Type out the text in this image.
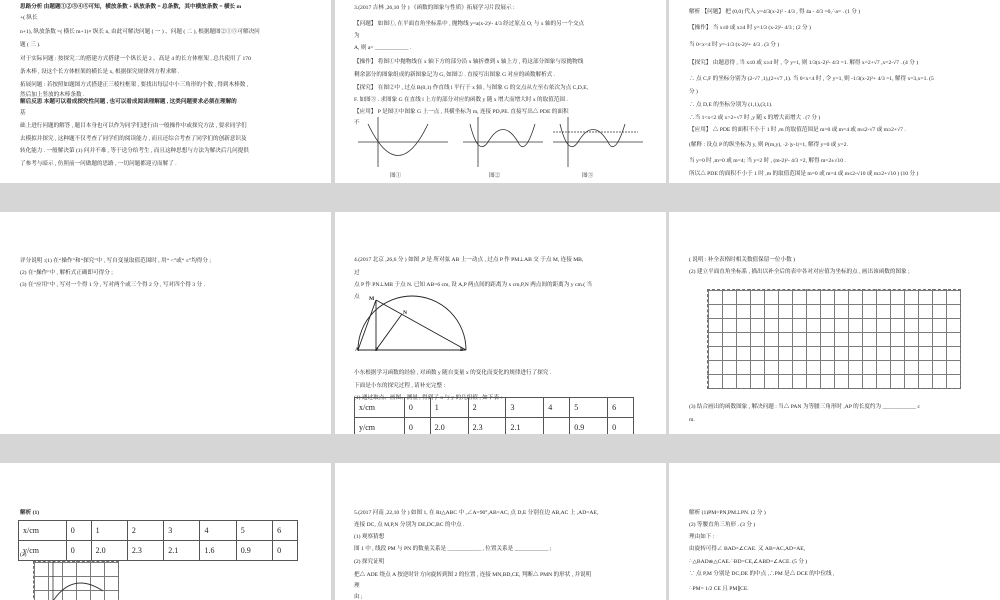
思路分析 由题题①②③④⑤可知，横放条数 + 纵放条数 = 总条数，其中横放条数 = 横长 m
+( 纵长
n+1), 纵放条数 =( 横长 m+1)× 纵长 n, 由此可解决问题 ( 一 ) 、问题 ( 二 ), 根据题图②①⑤可解决问
题 ( 三 ).
对于实际问题 : 按探究二的搭建方式搭建一个纵长是 2 、高是 4 的长方体框架 , 总共使用了 170
条木棒 , 设这个长方体框架的横长是 x, 根据探究规律列方程求解 .
拓展问题 : 若按照如题图方式搭建正三棱柱框架 , 要找出每层中小三角形的个数 , 得到木棒数 ,
然后加上竖放的木棒条数 .
解后反思 本题可以看成探究性问题 , 也可以看成阅读理解题 , 这类问题要求必须在理解的
基
础上进行问题的解答 , 题目本身也可以作为同学们进行由一般操作中或探究方法 , 要求同学们
去模拟并探究 , 这种题不仅考查了同学们的阅读能力 , 而且还综合考查了同学们的创新意识及
转化能力 . 一般解决第 (1) 问并不难 , 等于送分给考生 , 而且这种思想与方法为解决后几问提供
了参考与暗示 , 仿照前一问做题的思路 , 一切问题都迎刃而解了 .
3.(2017 吉林 ,26,10 分 ) 《函数的图象与性质》拓展学习片段展示 :
【问题】 如图①, 在平面直角坐标系中 , 抛物线 y=a(x-2)²- 4/3 经过原点 O, 与 x 轴的另一个交点
为
A, 则 a= ____________ .
【操作】 将图①中抛物线在 x 轴下方的部分沿 x 轴折叠到 x 轴上方 , 将这部分图象与原抛物线
剩余部分的图象组成的新图象记为 G, 如图② . 直接写出图象 G 对应的函数解析式 .
【探究】 在图②中 , 过点 B(0,1) 作直线 l 平行于 x 轴 , 与图象 G 的交点从左至右依次为点 C,D,E,
F. 如图③ . 求图象 G 在直线 l 上方的部分对应的函数 y 随 x 增大而增大时 x 的取值范围 .
【应用】 P 是图③中图象 G 上一点 , 其横坐标为 m, 连接 PD,PE. 直接写出△ PDE 的面积
不
图①	图②	图③
解析 【问题】 把 (0,0) 代入 y=4/3(x-2)² - 4/3 , 得 4a - 4/3 =0,∴a= . (1 分 )
【操作】 当 x≤0 或 x≥4 时 y=1/3 (x-2)²- 4/3 ; (2 分 )
当 0<x<4 时 y=-1/3 (x-2)²+ 4/3 . (3 分 )
【探究】 由题意得 , 当 x≤0 或 x≥4 时 , 令 y=1, 则 1/3(x-2)²- 4/3 =1. 解得 x=2+√7 ,x=2-√7 . (4 分 )
∴ 点 C,F 的坐标分别为 (2-√7 ,1),(2+√7 ,1). 当 0<x<4 时 , 令 y=1, 则 -1/3(x-2)²+ 4/3 =1, 解得 x=3,x=1. (5
分 )
∴ 点 D,E 的坐标分别为 (1,1),(3,1).
∴当 1<x<2 或 x>2+√7 时 ,y 随 x 的增大而增大 . (7 分 )
【应用】 △ PDE 的面积不小于 1 时 ,m 的取值范围是 m=0 或 m=4 或 m≤2-√7 或 m≥2+√7 .
(解释 : 设点 P 的纵坐标为 y, 则 P(m,y), ·2·|y-1|=1, 解得 y=0 或 y=2.
当 y=0 时 ,m=0 或 m=4; 当 y=2 时 , (m-2)²- 4/3 =2, 解得 m=2±√10 .
所以△ PDE 的面积不小于 1 时 ,m 的取值范围是 m=0 或 m=4 或 m≤2-√10 或 m≥2+√10 ) (10 分 )
评分说明 :(1) 在“操作”和“探究”中 , 写自变量取值范围时 , 用“ <”或“ ≤”均得分 ;
(2) 在“操作”中 , 解析式正确即可得分 ;
(3) 在“应用”中 , 写对一个得 1 分 , 写对两个或三个得 2 分 , 写对四个得 3 分 .
4.(2017 北京 ,26,6 分 ) 如图 ,P 是 所对弦 AB 上一动点 , 过点 P 作 PM⊥AB 交 于点 M, 连接 MB,
过
点 P 作 PN⊥MB 于点 N. 已知 AB=6 cm, 设 A,P 两点间的距离为 x cm,P,N 两点间的距离为 y cm.( 当
点 M
N
A	P	B
小东根据学习函数的经验 , 对函数 y 随自变量 x 的变化而变化的规律进行了探究 .
下面是小东的探究过程 , 请补充完整 :
(1) 通过取点、画图、测量 , 得到了 x 与 y 的几组值 , 如下表 :
x/cm	0	1	2	3	4	5	6
y/cm	0	2.0	2.3	2.1		0.9	0
( 说明 : 补全表格时相关数值保留一位小数 )
(2) 建立平面直角坐标系 , 描出以补全后的表中各对对应值为坐标的点 , 画出该函数的图象 ;
(3) 结合画出的函数图象 , 解决问题 : 当△ PAN 为等腰三角形时 ,AP 的长度约为 ____________ c
m.
解析 (1)
x/cm	0	1	2	3	4	5	6
y/cm	0	2.0	2.3	2.1	1.6	0.9	0
(2)
5.(2017 河南 ,22,10 分 ) 如图 1, 在 Rt△ABC 中 ,∠A=90°,AB=AC, 点 D,E 分别在边 AB,AC 上 ,AD=AE,
连接 DC, 点 M,P,N 分别为 DE,DC,BC 的中点 .
(1) 观察猜想
图 1 中 , 线段 PM 与 PN 的数量关系是 ____________ , 位置关系是 ____________ ;
(2) 探究证明
把△ ADE 绕点 A 按逆时针方向旋转到图 2 的位置 , 连接 MN,BD,CE, 判断△ PMN 的形状 , 并说明
理
由 ;
解析 (1)PM=PN,PM⊥PN. (2 分 )
(2) 等腰直角三角形 . (3 分 )
理由如下 :
由旋转可得∠ BAD=∠CAE. 又 AB=AC,AD=AE,
∴△BAD≌△CAE.∴BD=CE,∠ABD=∠ACE. (5 分 )
∵ 点 P,M 分别是 DC,DE 的中点 ,∴PM 是△ DCE 的中位线 ,
∴PM= 1/2 CE 且 PM∥CE.
